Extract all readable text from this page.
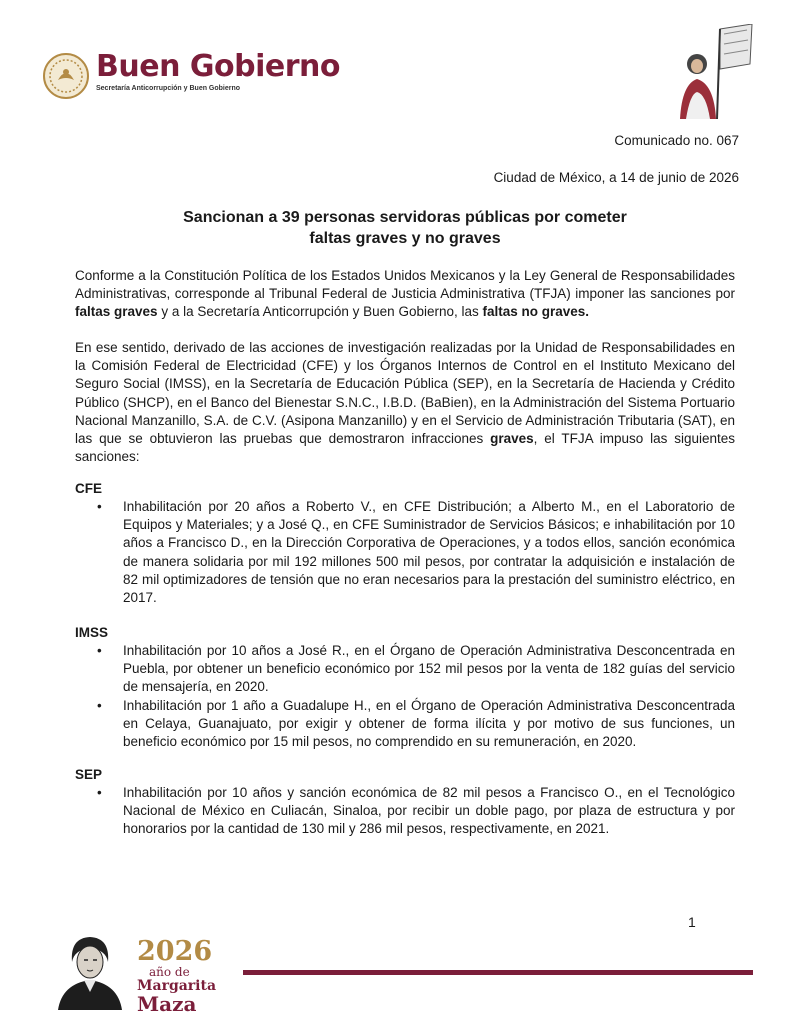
Buen Gobierno
Secretaría Anticorrupción y Buen Gobierno
Comunicado no. 067
Ciudad de México, a 14 de junio de 2026
Sancionan a 39 personas servidoras públicas por cometer
faltas graves y no graves

Conforme a la Constitución Política de los Estados Unidos Mexicanos y la Ley General de Responsabilidades Administrativas, corresponde al Tribunal Federal de Justicia Administrativa (TFJA) imponer las sanciones por faltas graves y a la Secretaría Anticorrupción y Buen Gobierno, las faltas no graves.

En ese sentido, derivado de las acciones de investigación realizadas por la Unidad de Responsabilidades en la Comisión Federal de Electricidad (CFE) y los Órganos Internos de Control en el Instituto Mexicano del Seguro Social (IMSS), en la Secretaría de Educación Pública (SEP), en la Secretaría de Hacienda y Crédito Público (SHCP), en el Banco del Bienestar S.N.C., I.B.D. (BaBien), en la Administración del Sistema Portuario Nacional Manzanillo, S.A. de C.V. (Asipona Manzanillo) y en el Servicio de Administración Tributaria (SAT), en las que se obtuvieron las pruebas que demostraron infracciones graves, el TFJA impuso las siguientes sanciones:

CFE
• Inhabilitación por 20 años a Roberto V., en CFE Distribución; a Alberto M., en el Laboratorio de Equipos y Materiales; y a José Q., en CFE Suministrador de Servicios Básicos; e inhabilitación por 10 años a Francisco D., en la Dirección Corporativa de Operaciones, y a todos ellos, sanción económica de manera solidaria por mil 192 millones 500 mil pesos, por contratar la adquisición e instalación de 82 mil optimizadores de tensión que no eran necesarios para la prestación del suministro eléctrico, en 2017.
IMSS
• Inhabilitación por 10 años a José R., en el Órgano de Operación Administrativa Desconcentrada en Puebla, por obtener un beneficio económico por 152 mil pesos por la venta de 182 guías del servicio de mensajería, en 2020.
• Inhabilitación por 1 año a Guadalupe H., en el Órgano de Operación Administrativa Desconcentrada en Celaya, Guanajuato, por exigir y obtener de forma ilícita y por motivo de sus funciones, un beneficio económico por 15 mil pesos, no comprendido en su remuneración, en 2020.
SEP
• Inhabilitación por 10 años y sanción económica de 82 mil pesos a Francisco O., en el Tecnológico Nacional de México en Culiacán, Sinaloa, por recibir un doble pago, por plaza de estructura y por honorarios por la cantidad de 130 mil y 286 mil pesos, respectivamente, en 2021.
1
2026
año de
Margarita
Maza
